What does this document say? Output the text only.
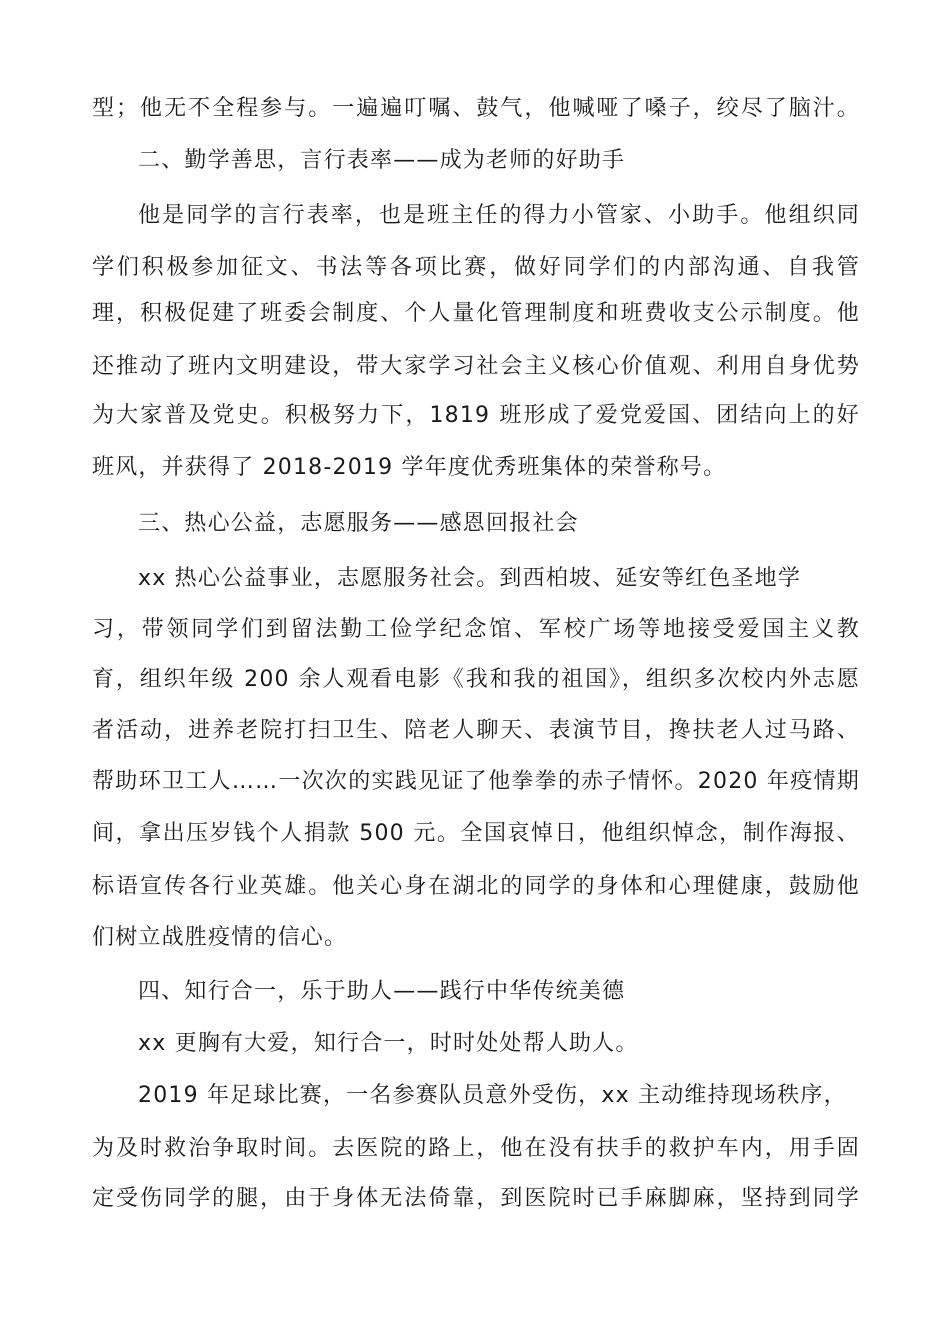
型；他无不全程参与。一遍遍叮嘱、鼓气，他喊哑了嗓子，绞尽了脑汁。
二、勤学善思，言行表率——成为老师的好助手
他是同学的言行表率，也是班主任的得力小管家、小助手。他组织同
学们积极参加征文、书法等各项比赛，做好同学们的内部沟通、自我管
理，积极促建了班委会制度、个人量化管理制度和班费收支公示制度。他
还推动了班内文明建设，带大家学习社会主义核心价值观、利用自身优势
为大家普及党史。积极努力下，1819 班形成了爱党爱国、团结向上的好
班风，并获得了 2018-2019 学年度优秀班集体的荣誉称号。
三、热心公益，志愿服务——感恩回报社会
xx 热心公益事业，志愿服务社会。到西柏坡、延安等红色圣地学
习，带领同学们到留法勤工俭学纪念馆、军校广场等地接受爱国主义教
育，组织年级 200 余人观看电影《我和我的祖国》，组织多次校内外志愿
者活动，进养老院打扫卫生、陪老人聊天、表演节目，搀扶老人过马路、
帮助环卫工人……一次次的实践见证了他拳拳的赤子情怀。2020 年疫情期
间，拿出压岁钱个人捐款 500 元。全国哀悼日，他组织悼念，制作海报、
标语宣传各行业英雄。他关心身在湖北的同学的身体和心理健康，鼓励他
们树立战胜疫情的信心。
四、知行合一，乐于助人——践行中华传统美德
xx 更胸有大爱，知行合一，时时处处帮人助人。
2019 年足球比赛，一名参赛队员意外受伤，xx 主动维持现场秩序，
为及时救治争取时间。去医院的路上，他在没有扶手的救护车内，用手固
定受伤同学的腿，由于身体无法倚靠，到医院时已手麻脚麻，坚持到同学
